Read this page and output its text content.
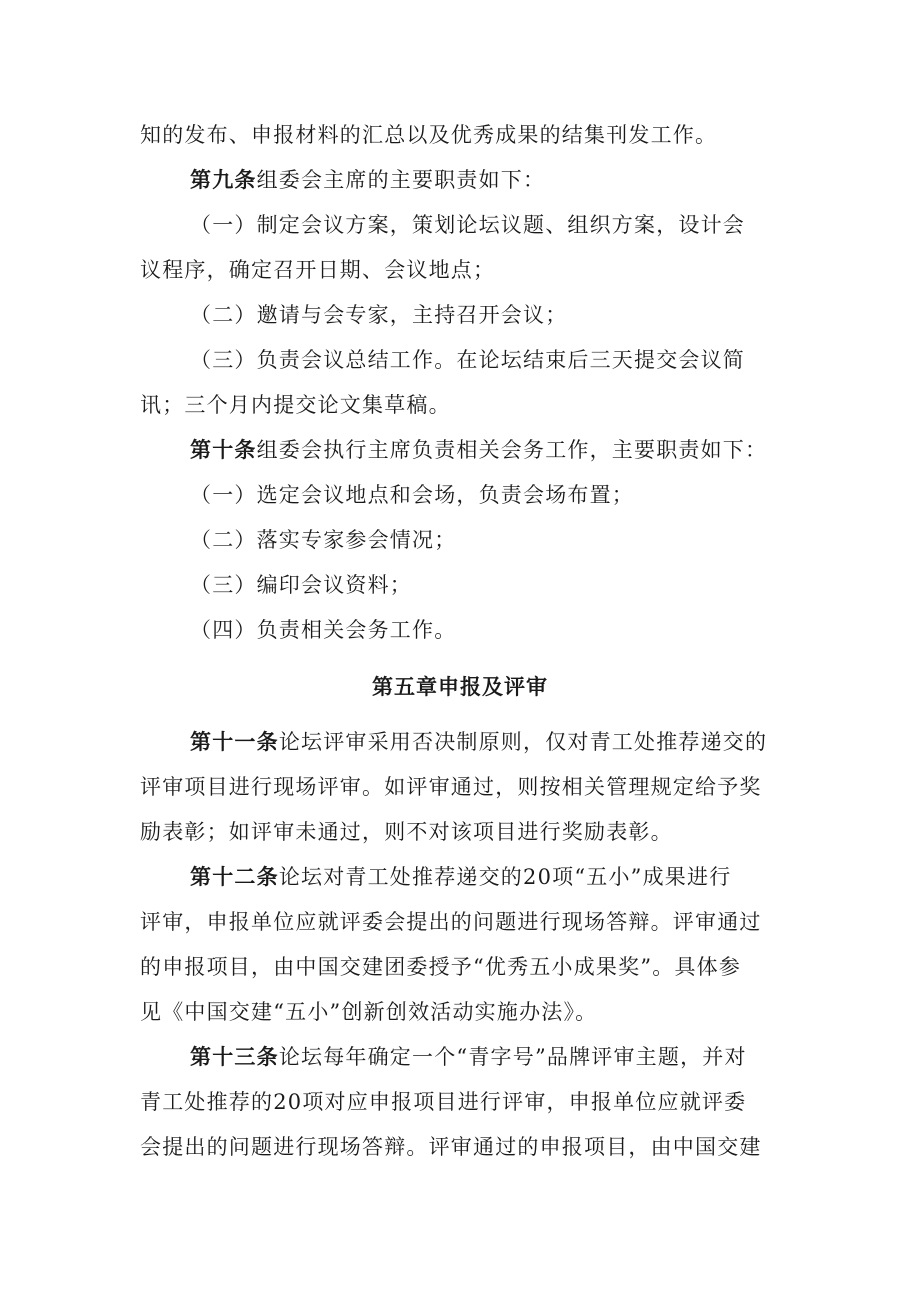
知的发布、申报材料的汇总以及优秀成果的结集刊发工作。
第九条组委会主席的主要职责如下：
（一）制定会议方案，策划论坛议题、组织方案，设计会
议程序，确定召开日期、会议地点；
（二）邀请与会专家，主持召开会议；
（三）负责会议总结工作。在论坛结束后三天提交会议简
讯；三个月内提交论文集草稿。
第十条组委会执行主席负责相关会务工作，主要职责如下：
（一）选定会议地点和会场，负责会场布置；
（二）落实专家参会情况；
（三）编印会议资料；
（四）负责相关会务工作。
第五章申报及评审
第十一条论坛评审采用否决制原则，仅对青工处推荐递交的
评审项目进行现场评审。如评审通过，则按相关管理规定给予奖
励表彰；如评审未通过，则不对该项目进行奖励表彰。
第十二条论坛对青工处推荐递交的20项“五小”成果进行
评审，申报单位应就评委会提出的问题进行现场答辩。评审通过
的申报项目，由中国交建团委授予“优秀五小成果奖”。具体参
见《中国交建“五小”创新创效活动实施办法》。
第十三条论坛每年确定一个“青字号”品牌评审主题，并对
青工处推荐的20项对应申报项目进行评审，申报单位应就评委
会提出的问题进行现场答辩。评审通过的申报项目，由中国交建
